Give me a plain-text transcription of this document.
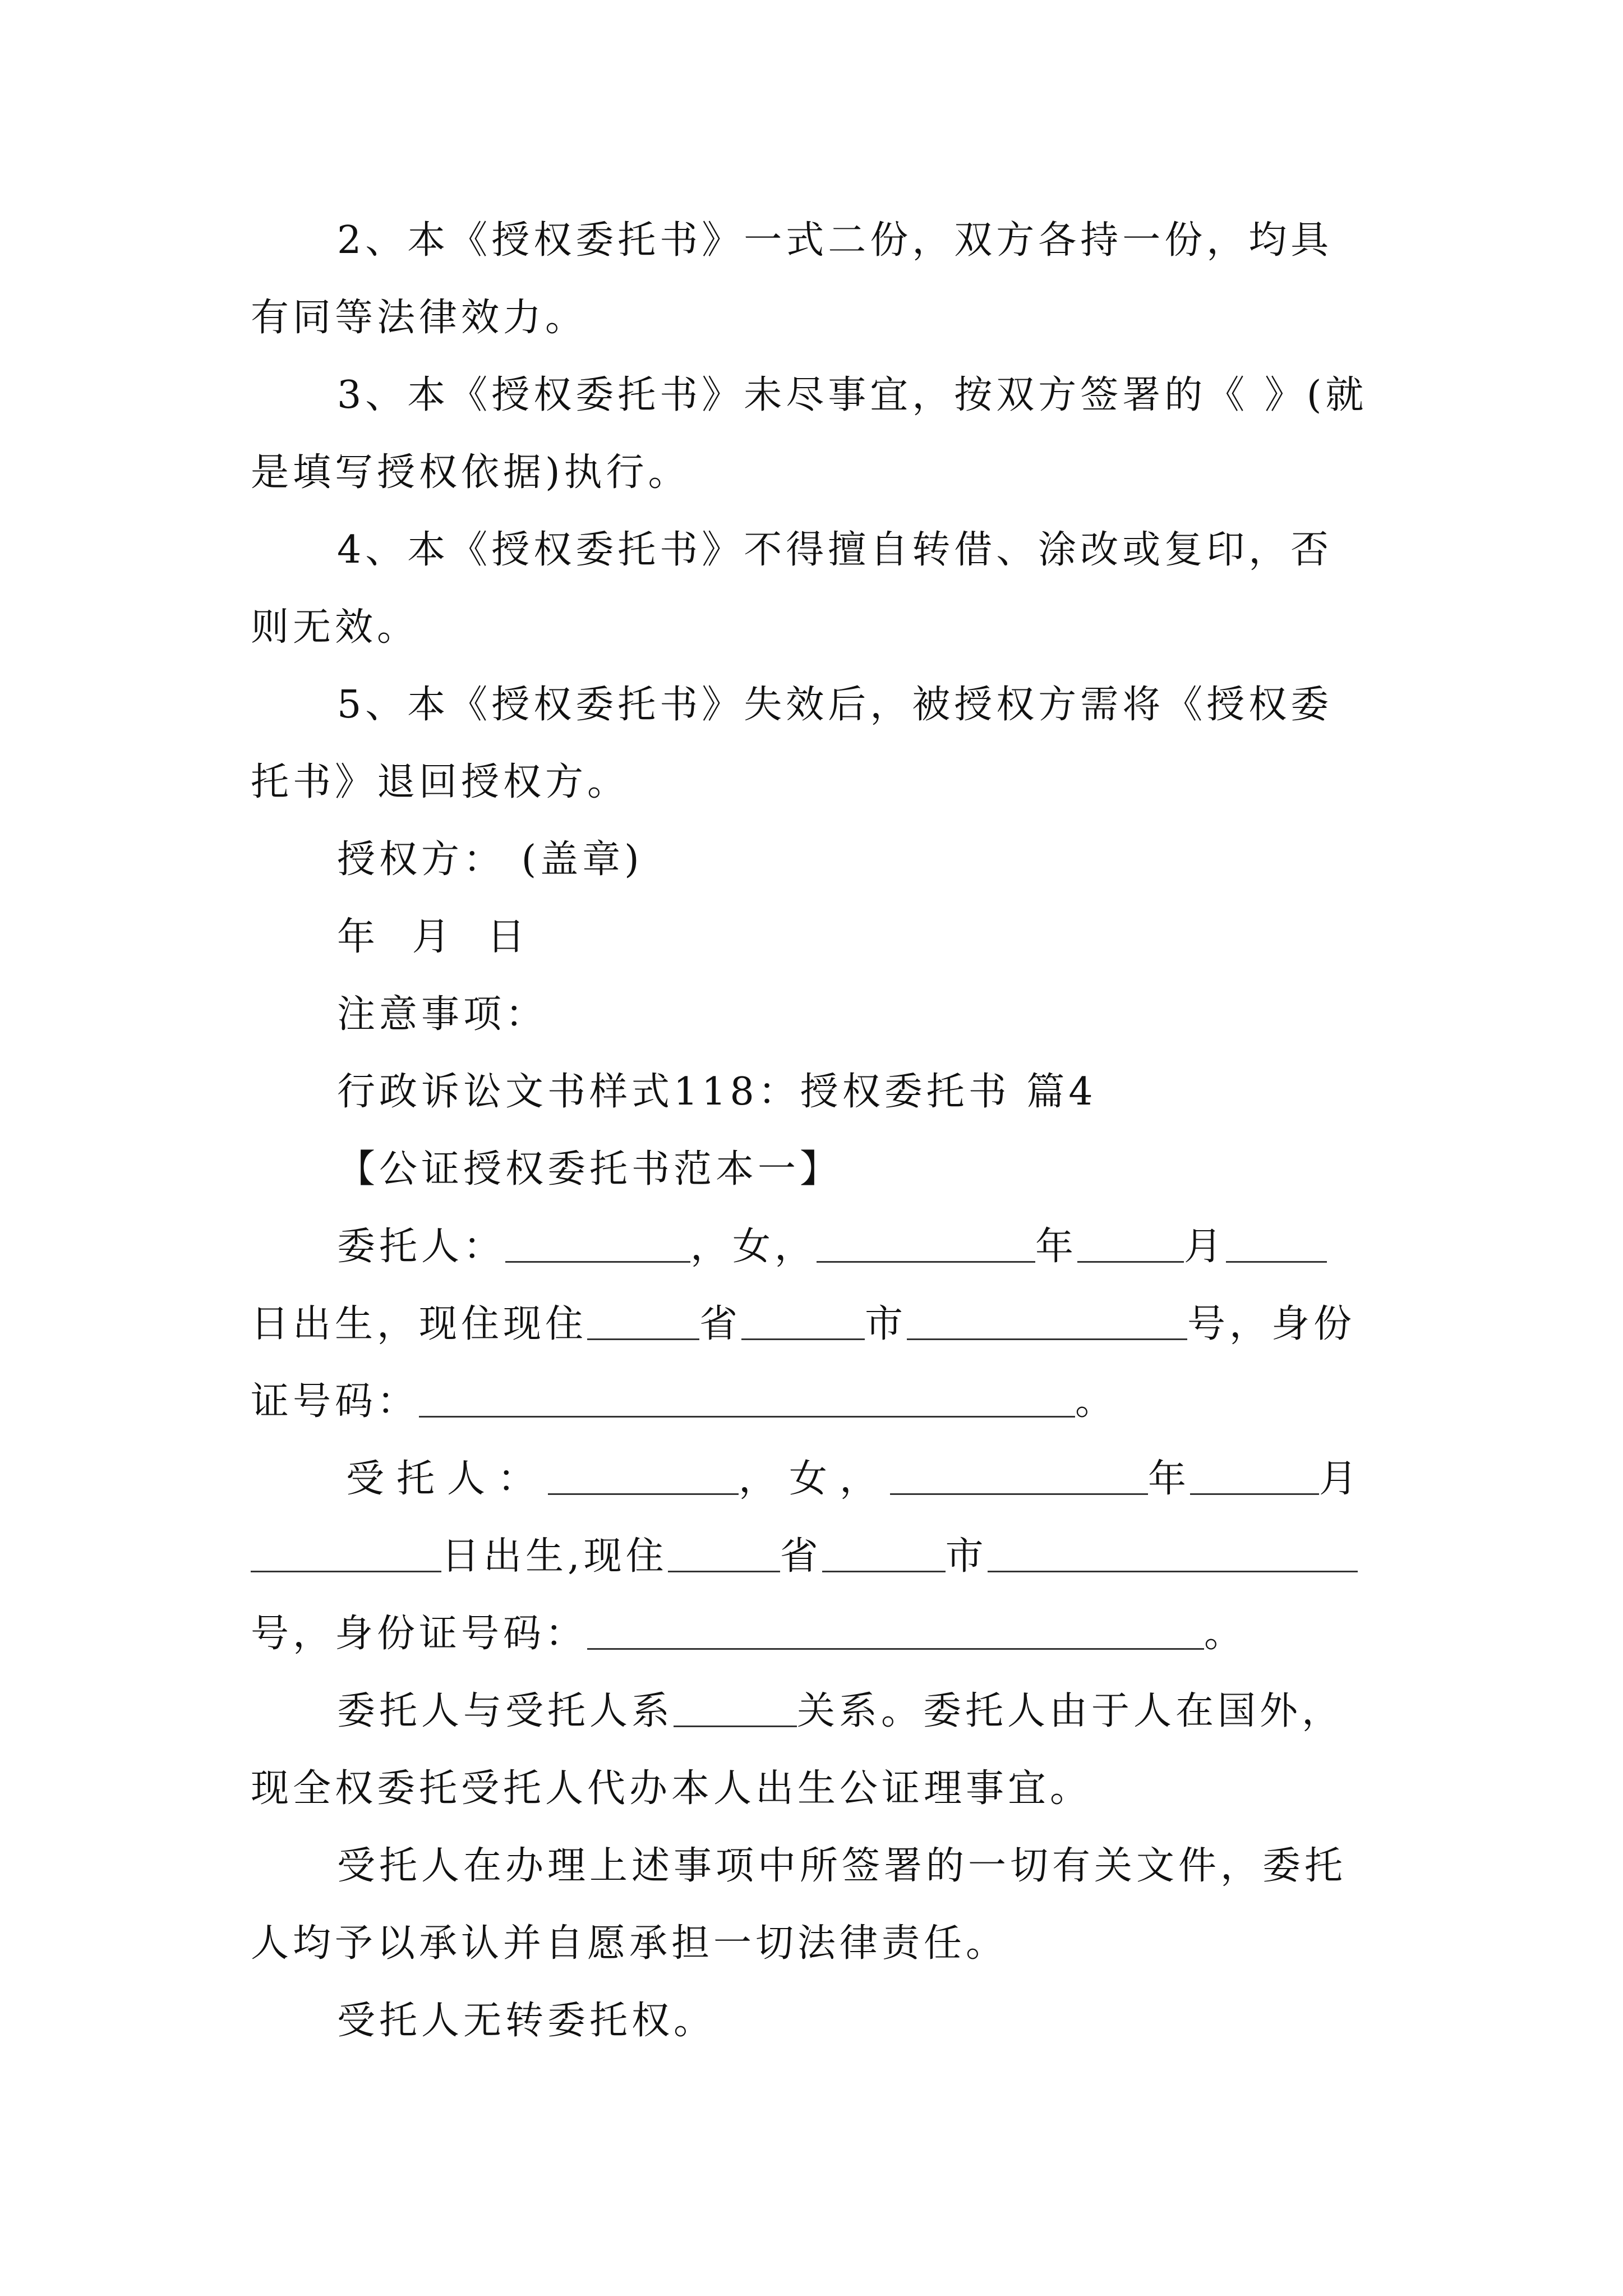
2、本《授权委托书》一式二份，双方各持一份，均具
有同等法律效力。
3、本《授权委托书》未尽事宜，按双方签署的《 》(就
是填写授权依据)执行。
4、本《授权委托书》不得擅自转借、涂改或复印，否
则无效。
5、本《授权委托书》失效后，被授权方需将《授权委
托书》退回授权方。
授权方： (盖章)
年 月 日
注意事项：
行政诉讼文书样式118：授权委托书 篇4
【公证授权委托书范本一】
委托人：	，女，	年	月
日出生，现住现住	省	市	号，身份
证号码：	。
受托人：	，女，	年	月
日出生,现住	省	市
号，身份证号码：	。
委托人与受托人系	关系。委托人由于人在国外，
现全权委托受托人代办本人出生公证理事宜。
受托人在办理上述事项中所签署的一切有关文件，委托
人均予以承认并自愿承担一切法律责任。
受托人无转委托权。
